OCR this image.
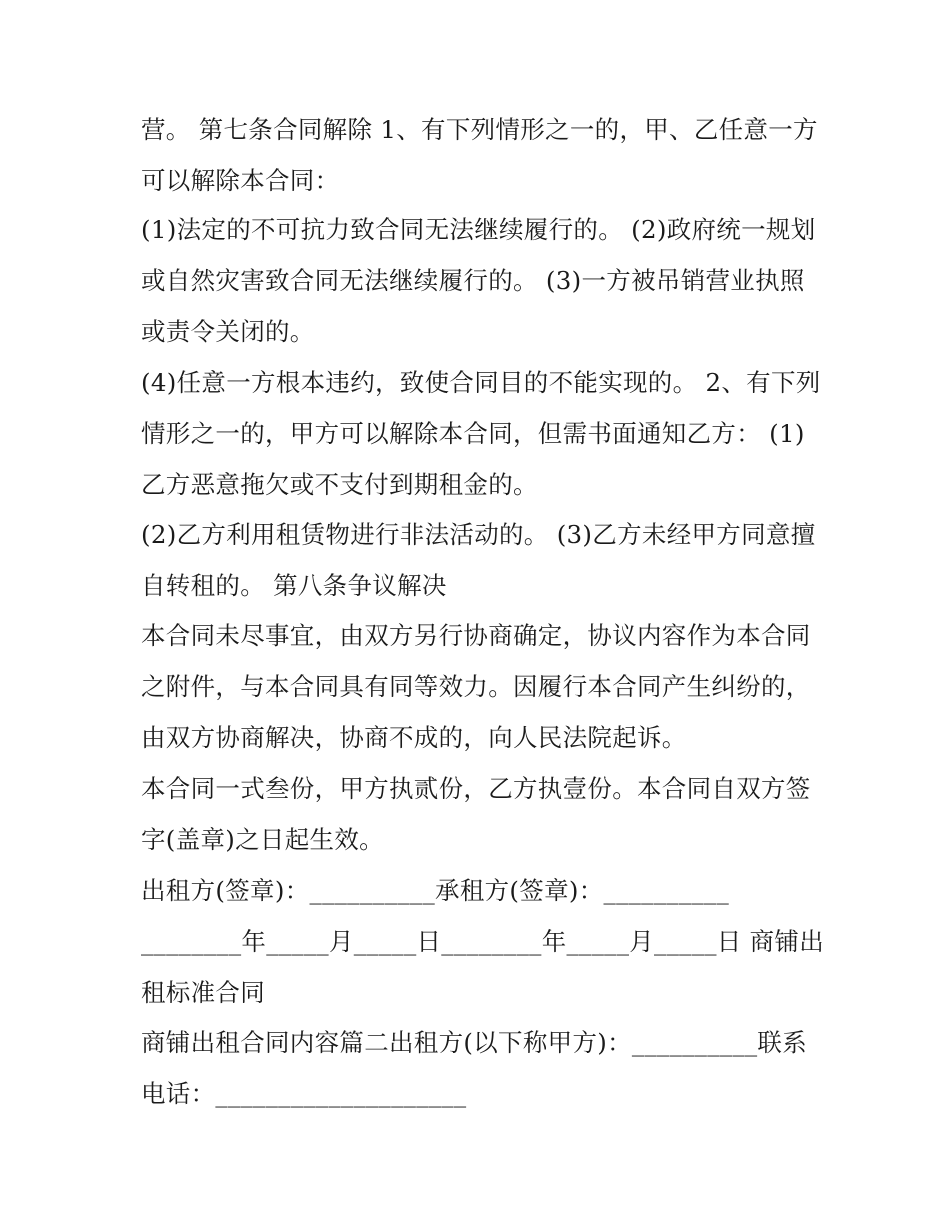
营。 第七条合同解除 1、有下列情形之一的，甲、乙任意一方
可以解除本合同：
(1)法定的不可抗力致合同无法继续履行的。 (2)政府统一规划
或自然灾害致合同无法继续履行的。 (3)一方被吊销营业执照
或责令关闭的。
(4)任意一方根本违约，致使合同目的不能实现的。 2、有下列
情形之一的，甲方可以解除本合同，但需书面通知乙方： (1)
乙方恶意拖欠或不支付到期租金的。
(2)乙方利用租赁物进行非法活动的。 (3)乙方未经甲方同意擅
自转租的。 第八条争议解决
本合同未尽事宜，由双方另行协商确定，协议内容作为本合同
之附件，与本合同具有同等效力。因履行本合同产生纠纷的，
由双方协商解决，协商不成的，向人民法院起诉。
本合同一式叁份，甲方执贰份，乙方执壹份。本合同自双方签
字(盖章)之日起生效。
出租方(签章)：__________承租方(签章)：__________
________年_____月_____日________年_____月_____日 商铺出
租标准合同
商铺出租合同内容篇二出租方(以下称甲方)：__________联系
电话：____________________
